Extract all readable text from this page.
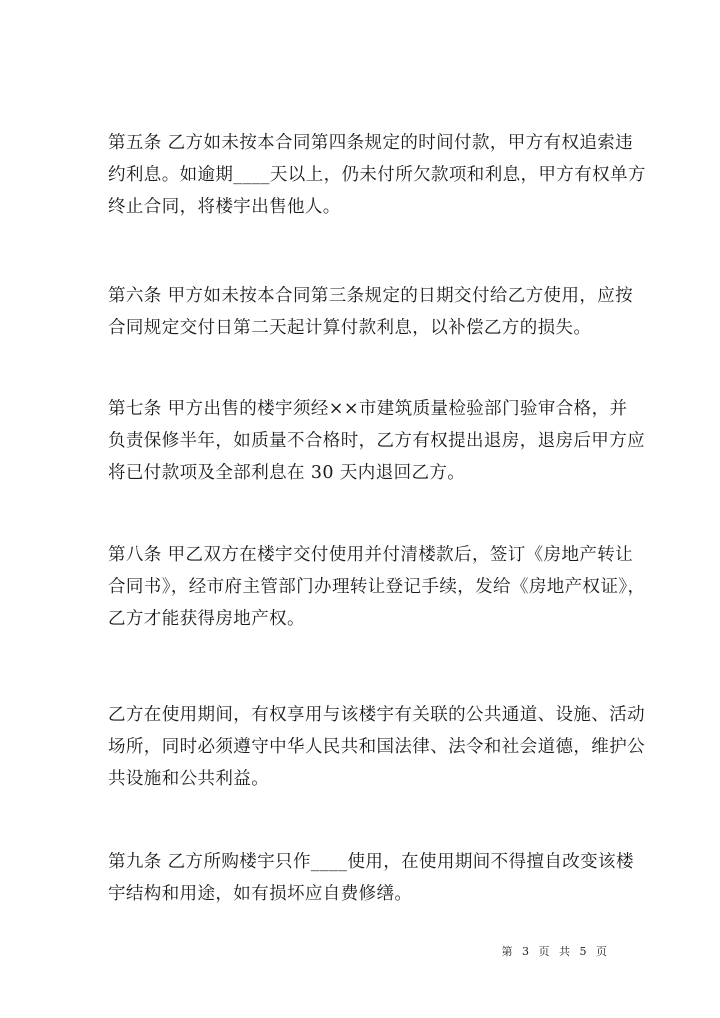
第五条 乙方如未按本合同第四条规定的时间付款，甲方有权追索违
约利息。如逾期____天以上，仍未付所欠款项和利息，甲方有权单方
终止合同，将楼宇出售他人。

第六条 甲方如未按本合同第三条规定的日期交付给乙方使用，应按
合同规定交付日第二天起计算付款利息，以补偿乙方的损失。

第七条 甲方出售的楼宇须经××市建筑质量检验部门验审合格，并
负责保修半年，如质量不合格时，乙方有权提出退房，退房后甲方应
将已付款项及全部利息在 30 天内退回乙方。

第八条 甲乙双方在楼宇交付使用并付清楼款后，签订《房地产转让
合同书》，经市府主管部门办理转让登记手续，发给《房地产权证》，
乙方才能获得房地产权。

乙方在使用期间，有权享用与该楼宇有关联的公共通道、设施、活动
场所，同时必须遵守中华人民共和国法律、法令和社会道德，维护公
共设施和公共利益。

第九条 乙方所购楼宇只作____使用，在使用期间不得擅自改变该楼
宇结构和用途，如有损坏应自费修缮。

第 3 页 共 5 页
